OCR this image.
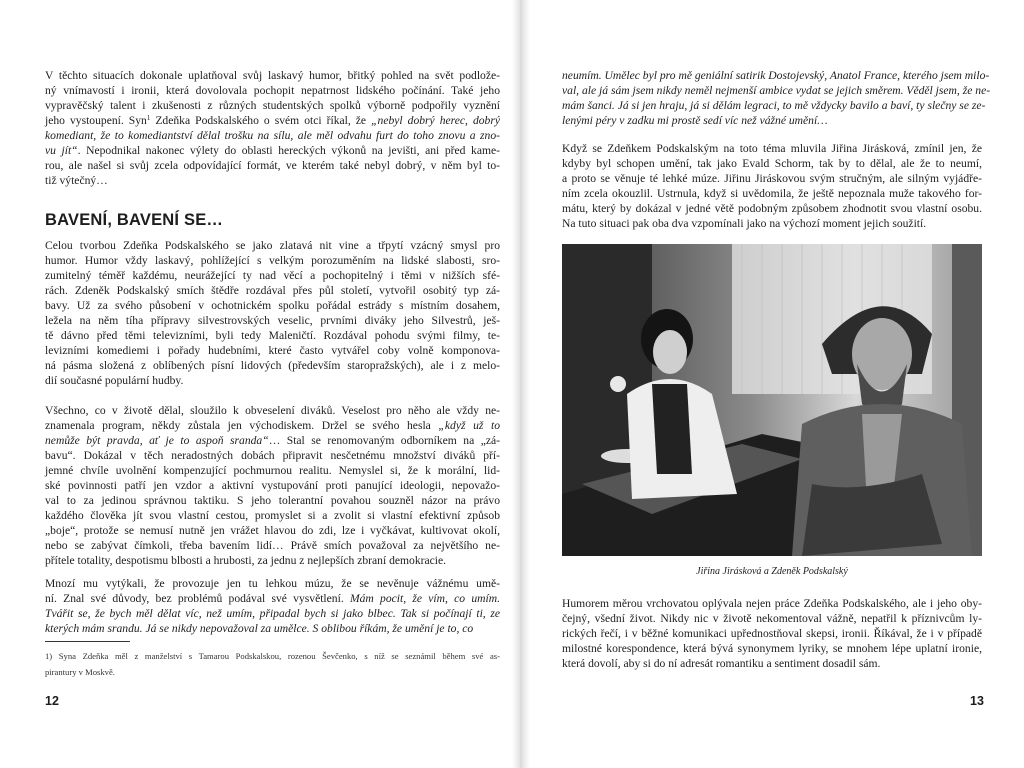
V těchto situacích dokonale uplatňoval svůj laskavý humor, břitký pohled na svět podlože-
ný vnímavostí i ironii, která dovolovala pochopit nepatrnost lidského počínání. Také jeho
vypravěčský talent i zkušenosti z různých studentských spolků výborně podpořily vyznění
jeho vystoupení. Syn$^1$ Zdeňka Podskalského o svém otci říkal, že „nebyl dobrý herec, dobrý
komediant, že to komediantství dělal trošku na sílu, ale měl odvahu furt do toho znovu a zno-
vu jít“. Nepodnikal nakonec výlety do oblasti hereckých výkonů na jevišti, ani před kame-
rou, ale našel si svůj zcela odpovídající formát, ve kterém také nebyl dobrý, v něm byl to-
tiž výtečný…
BAVENÍ, BAVENÍ SE…
Celou tvorbou Zdeňka Podskalského se jako zlatavá nit vine a třpytí vzácný smysl pro
humor. Humor vždy laskavý, pohlížející s velkým porozuměním na lidské slabosti, sro-
zumitelný téměř každému, neurážející ty nad věcí a pochopitelný i těmi v nižších sfé-
rách. Zdeněk Podskalský smích štědře rozdával přes půl století, vytvořil osobitý typ zá-
bavy. Už za svého působení v ochotnickém spolku pořádal estrády s místním dosahem,
ležela na něm tíha přípravy silvestrovských veselic, prvními diváky jeho Silvestrů, ješ-
tě dávno před těmi televizními, byli tedy Maleničtí. Rozdával pohodu svými filmy, te-
levizními komediemi i pořady hudebními, které často vytvářel coby volně komponova-
ná pásma složená z oblíbených písní lidových (především staropražských), ale i z melo-
dií současné populární hudby.
Všechno, co v životě dělal, sloužilo k obveselení diváků. Veselost pro něho ale vždy ne-
znamenala program, někdy zůstala jen východiskem. Držel se svého hesla „když už to
nemůže být pravda, ať je to aspoň sranda“… Stal se renomovaným odborníkem na „zá-
bavu“. Dokázal v těch neradostných dobách připravit nesčetnému množství diváků pří-
jemné chvíle uvolnění kompenzující pochmurnou realitu. Nemyslel si, že k morální, lid-
ské povinnosti patří jen vzdor a aktivní vystupování proti panující ideologii, nepovažo-
val to za jedinou správnou taktiku. S jeho tolerantní povahou souzněl názor na právo
každého člověka jít svou vlastní cestou, promyslet si a zvolit si vlastní efektivní způsob
„boje“, protože se nemusí nutně jen vrážet hlavou do zdi, lze i vyčkávat, kultivovat okolí,
nebo se zabývat čímkoli, třeba bavením lidí… Právě smích považoval za největšího ne-
přítele totality, despotismu blbosti a hrubosti, za jednu z nejlepších zbraní demokracie.
Mnozí mu vytýkali, že provozuje jen tu lehkou múzu, že se nevěnuje vážnému umě-
ní. Znal své důvody, bez problémů podával své vysvětlení. Mám pocit, že vím, co umím.
Tvářit se, že bych měl dělat víc, než umím, připadal bych si jako blbec. Tak si počínají ti, ze
kterých mám srandu. Já se nikdy nepovažoval za umělce. S oblibou říkám, že umění je to, co
1) Syna Zdeňka měl z manželství s Tamarou Podskalskou, rozenou Ševčenko, s níž se seznámil během své as-
pirantury v Moskvě.
12
neumím. Umělec byl pro mě geniální satirik Dostojevský, Anatol France, kterého jsem milo-
val, ale já sám jsem nikdy neměl nejmenší ambice vydat se jejich směrem. Věděl jsem, že ne-
mám šanci. Já si jen hraju, já si dělám legraci, to mě vždycky bavilo a baví, ty slečny se ze-
lenými péry v zadku mi prostě sedí víc než vážné umění…
Když se Zdeňkem Podskalským na toto téma mluvila Jiřina Jirásková, zmínil jen, že
kdyby byl schopen umění, tak jako Evald Schorm, tak by to dělal, ale že to neumí,
a proto se věnuje té lehké múze. Jiřinu Jiráskovou svým stručným, ale silným vyjádře-
ním zcela okouzlil. Ustrnula, když si uvědomila, že ještě nepoznala muže takového for-
mátu, který by dokázal v jedné větě podobným způsobem zhodnotit svou vlastní osobu.
Na tuto situaci pak oba dva vzpomínali jako na výchozí moment jejich soužití.
Jiřina Jirásková a Zdeněk Podskalský
Humorem měrou vrchovatou oplývala nejen práce Zdeňka Podskalského, ale i jeho oby-
čejný, všední život. Nikdy nic v životě nekomentoval vážně, nepatřil k příznivcům ly-
rických řečí, i v běžné komunikaci upřednostňoval skepsi, ironii. Říkával, že i v případě
milostné korespondence, která bývá synonymem lyriky, se mnohem lépe uplatní ironie,
která dovolí, aby si do ní adresát romantiku a sentiment dosadil sám.
13
